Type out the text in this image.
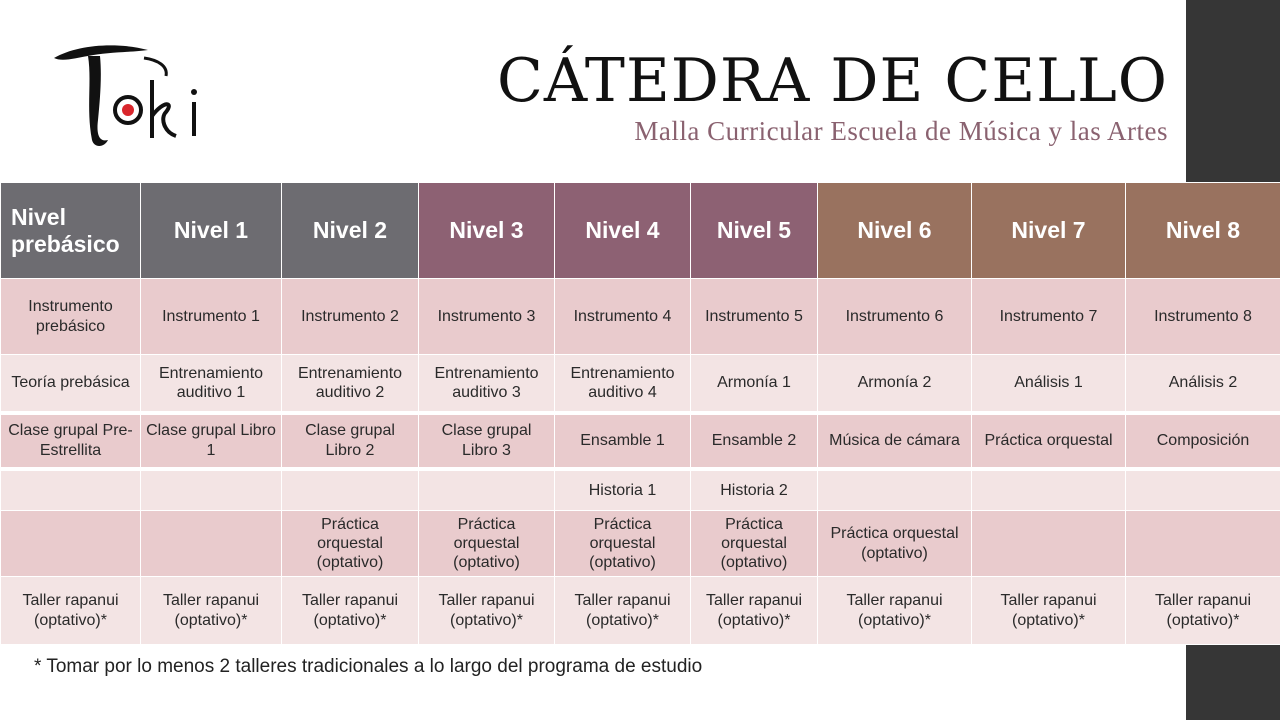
CÁTEDRA DE CELLO
Malla Curricular Escuela de Música y las Artes
Nivel prebásico	Nivel 1	Nivel 2	Nivel 3	Nivel 4	Nivel 5	Nivel 6	Nivel 7	Nivel 8
Instrumento prebásico	Instrumento 1	Instrumento 2	Instrumento 3	Instrumento 4	Instrumento 5	Instrumento 6	Instrumento 7	Instrumento 8
Teoría prebásica	Entrenamiento auditivo 1	Entrenamiento auditivo 2	Entrenamiento auditivo 3	Entrenamiento auditivo 4	Armonía 1	Armonía 2	Análisis 1	Análisis 2
Clase grupal Pre- Estrellita	Clase grupal Libro 1	Clase grupal Libro 2	Clase grupal Libro 3	Ensamble 1	Ensamble 2	Música de cámara	Práctica orquestal	Composición
				Historia 1	Historia 2			
		Práctica orquestal (optativo)	Práctica orquestal (optativo)	Práctica orquestal (optativo)	Práctica orquestal (optativo)	Práctica orquestal (optativo)		
Taller rapanui (optativo)*	Taller rapanui (optativo)*	Taller rapanui (optativo)*	Taller rapanui (optativo)*	Taller rapanui (optativo)*	Taller rapanui (optativo)*	Taller rapanui (optativo)*	Taller rapanui (optativo)*	Taller rapanui (optativo)*
* Tomar por lo menos 2 talleres tradicionales a lo largo del programa de estudio
